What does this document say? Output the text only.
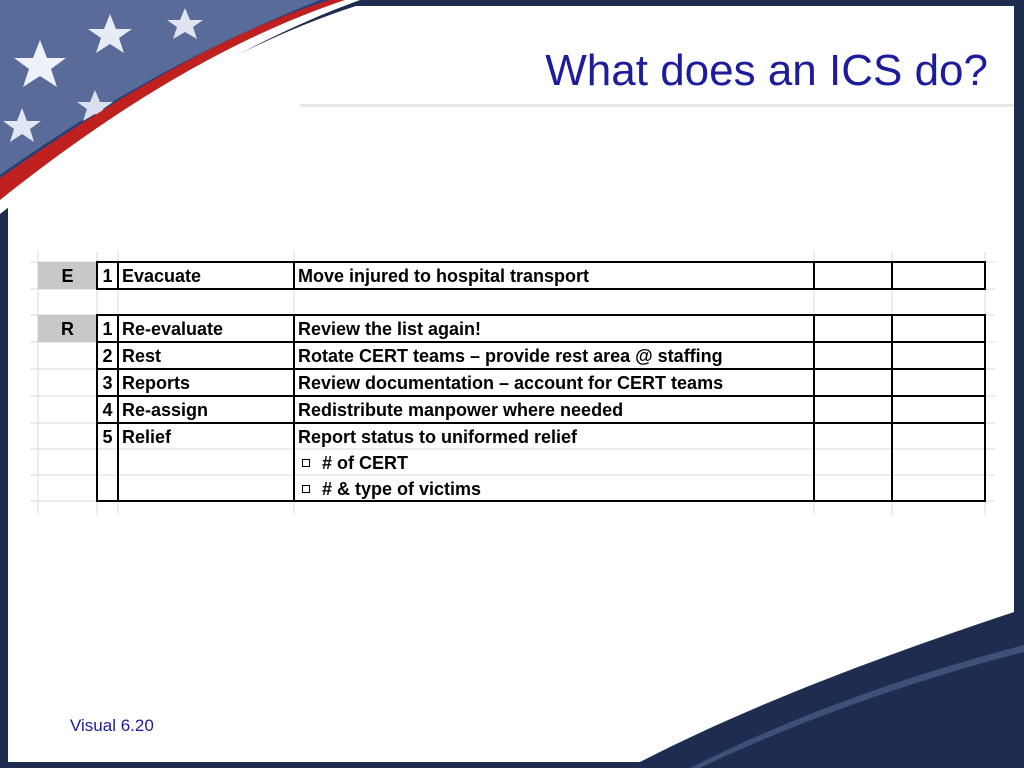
What does an ICS do?
E	1 Evacuate	Move injured to hospital transport
R	1 Re-evaluate	Review the list again!
2 Rest	Rotate CERT teams – provide rest area @ staffing
3 Reports	Review documentation – account for CERT teams
4 Re-assign	Redistribute manpower where needed
5 Relief	Report status to uniformed relief
# of CERT
# & type of victims
Visual 6.20
